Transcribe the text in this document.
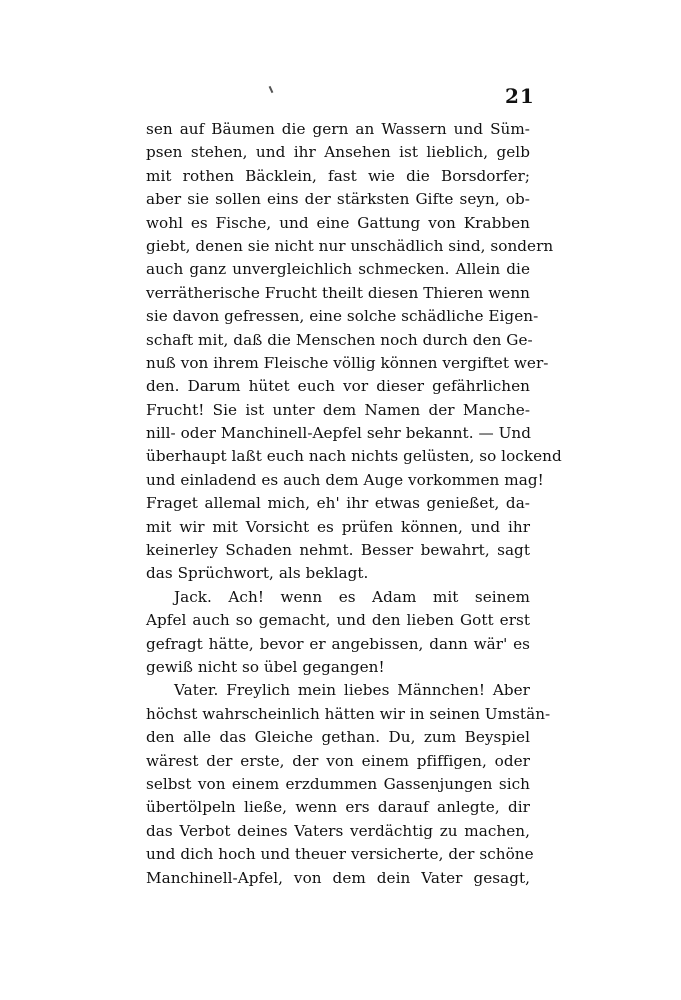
21
sen auf Bäumen die gern an Wassern und Süm-
psen stehen, und ihr Ansehen ist lieblich, gelb
mit rothen Bäcklein, fast wie die Borsdorfer;
aber sie sollen eins der stärksten Gifte seyn, ob-
wohl es Fische, und eine Gattung von Krabben
giebt, denen sie nicht nur unschädlich sind, sondern
auch ganz unvergleichlich schmecken. Allein die
verrätherische Frucht theilt diesen Thieren wenn
sie davon gefressen, eine solche schädliche Eigen-
schaft mit, daß die Menschen noch durch den Ge-
nuß von ihrem Fleische völlig können vergiftet wer-
den. Darum hütet euch vor dieser gefährlichen
Frucht! Sie ist unter dem Namen der Manche-
nill- oder Manchinell-Aepfel sehr bekannt. — Und
überhaupt laßt euch nach nichts gelüsten, so lockend
und einladend es auch dem Auge vorkommen mag!
Fraget allemal mich, eh' ihr etwas genießet, da-
mit wir mit Vorsicht es prüfen können, und ihr
keinerley Schaden nehmt. Besser bewahrt, sagt
das Sprüchwort, als beklagt.
Jack. Ach! wenn es Adam mit seinem
Apfel auch so gemacht, und den lieben Gott erst
gefragt hätte, bevor er angebissen, dann wär' es
gewiß nicht so übel gegangen!
Vater. Freylich mein liebes Männchen! Aber
höchst wahrscheinlich hätten wir in seinen Umstän-
den alle das Gleiche gethan. Du, zum Beyspiel
wärest der erste, der von einem pfiffigen, oder
selbst von einem erzdummen Gassenjungen sich
übertölpeln ließe, wenn ers darauf anlegte, dir
das Verbot deines Vaters verdächtig zu machen,
und dich hoch und theuer versicherte, der schöne
Manchinell-Apfel, von dem dein Vater gesagt,
